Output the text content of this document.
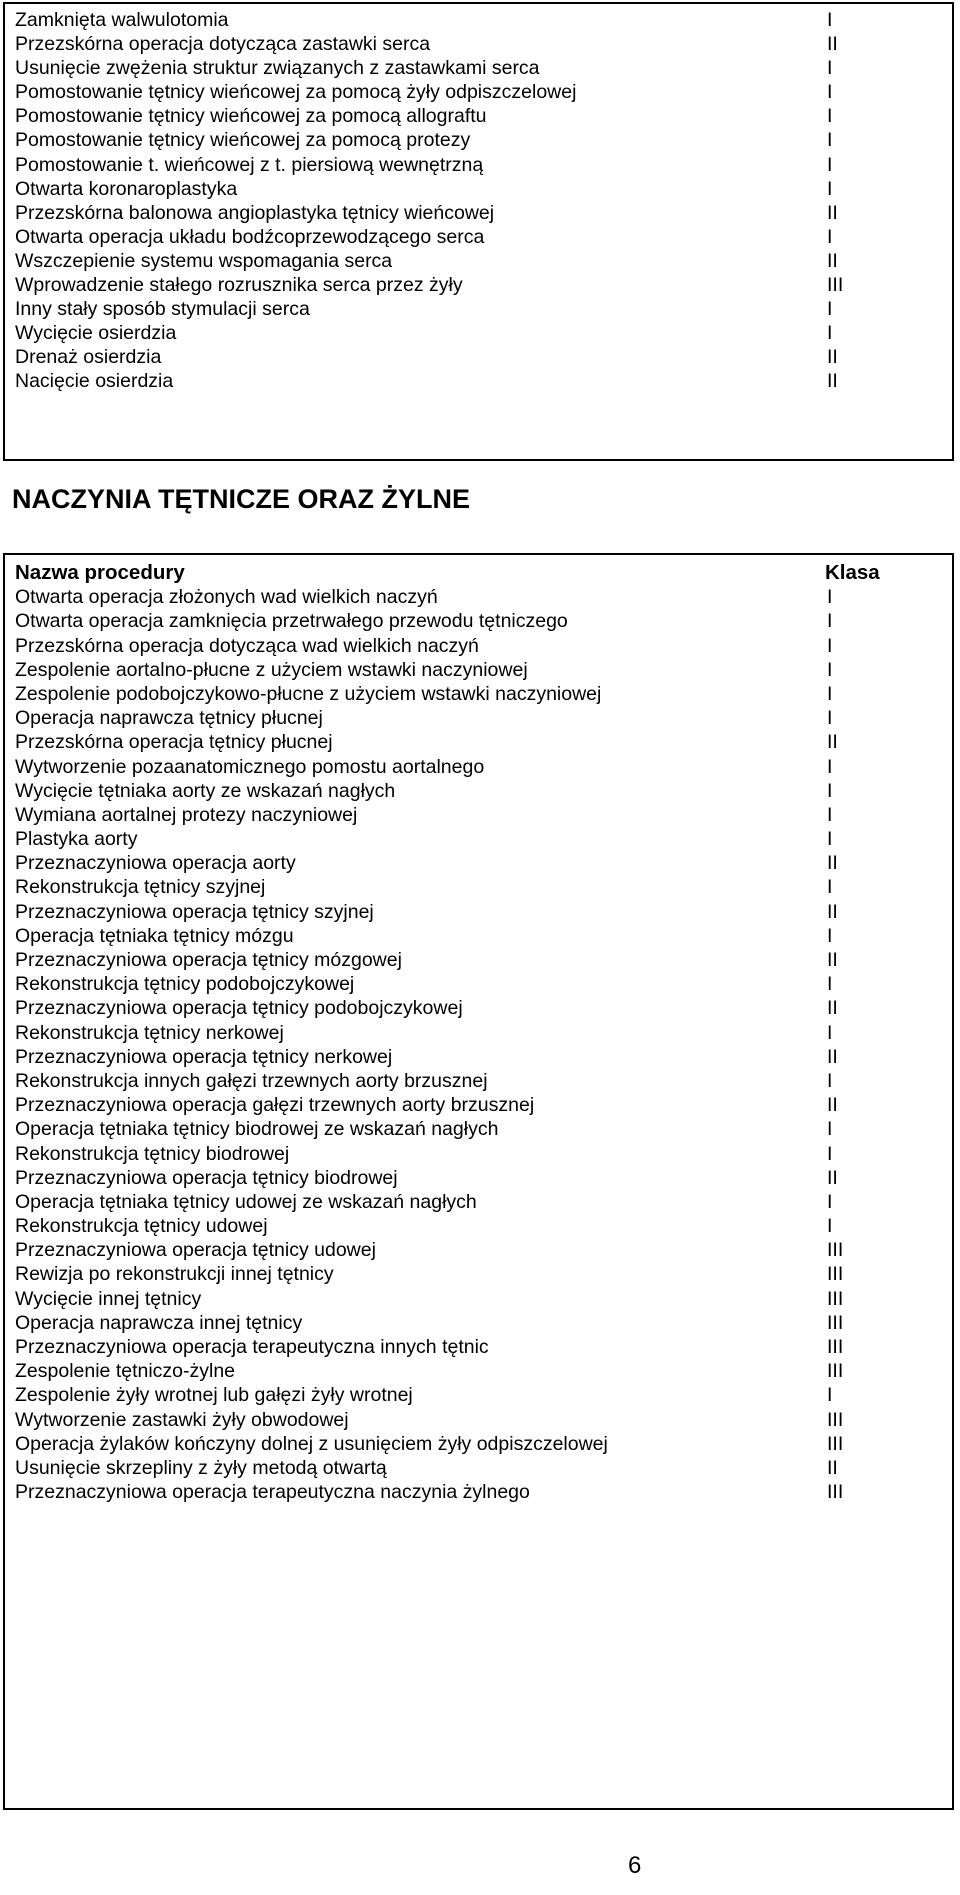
Zamknięta walwulotomia	I
Przezskórna operacja dotycząca zastawki serca	II
Usunięcie zwężenia struktur związanych z zastawkami serca	I
Pomostowanie tętnicy wieńcowej za pomocą żyły odpiszczelowej	I
Pomostowanie tętnicy wieńcowej za pomocą allograftu	I
Pomostowanie tętnicy wieńcowej za pomocą protezy	I
Pomostowanie t. wieńcowej z t. piersiową wewnętrzną	I
Otwarta koronaroplastyka	I
Przezskórna balonowa angioplastyka tętnicy wieńcowej	II
Otwarta operacja układu bodźcoprzewodzącego serca	I
Wszczepienie systemu wspomagania serca	II
Wprowadzenie stałego rozrusznika serca przez żyły	III
Inny stały sposób stymulacji serca	I
Wycięcie osierdzia	I
Drenaż osierdzia	II
Nacięcie osierdzia	II
NACZYNIA TĘTNICZE ORAZ ŻYLNE
Nazwa procedury	Klasa
Otwarta operacja złożonych wad wielkich naczyń	I
Otwarta operacja zamknięcia przetrwałego przewodu tętniczego	I
Przezskórna operacja dotycząca wad wielkich naczyń	I
Zespolenie aortalno-płucne z użyciem wstawki naczyniowej	I
Zespolenie podobojczykowo-płucne z użyciem wstawki naczyniowej	I
Operacja naprawcza tętnicy płucnej	I
Przezskórna operacja tętnicy płucnej	II
Wytworzenie pozaanatomicznego pomostu aortalnego	I
Wycięcie tętniaka aorty ze wskazań nagłych	I
Wymiana aortalnej protezy naczyniowej	I
Plastyka aorty	I
Przeznaczyniowa operacja aorty	II
Rekonstrukcja tętnicy szyjnej	I
Przeznaczyniowa operacja tętnicy szyjnej	II
Operacja tętniaka tętnicy mózgu	I
Przeznaczyniowa operacja tętnicy mózgowej	II
Rekonstrukcja tętnicy podobojczykowej	I
Przeznaczyniowa operacja tętnicy podobojczykowej	II
Rekonstrukcja tętnicy nerkowej	I
Przeznaczyniowa operacja tętnicy nerkowej	II
Rekonstrukcja innych gałęzi trzewnych aorty brzusznej	I
Przeznaczyniowa operacja gałęzi trzewnych aorty brzusznej	II
Operacja tętniaka tętnicy biodrowej ze wskazań nagłych	I
Rekonstrukcja tętnicy biodrowej	I
Przeznaczyniowa operacja tętnicy biodrowej	II
Operacja tętniaka tętnicy udowej ze wskazań nagłych	I
Rekonstrukcja tętnicy udowej	I
Przeznaczyniowa operacja tętnicy udowej	III
Rewizja po rekonstrukcji innej tętnicy	III
Wycięcie innej tętnicy	III
Operacja naprawcza innej tętnicy	III
Przeznaczyniowa operacja terapeutyczna innych tętnic	III
Zespolenie tętniczo-żylne	III
Zespolenie żyły wrotnej lub gałęzi żyły wrotnej	I
Wytworzenie zastawki żyły obwodowej	III
Operacja żylaków kończyny dolnej z usunięciem żyły odpiszczelowej	III
Usunięcie skrzepliny z żyły metodą otwartą	II
Przeznaczyniowa operacja terapeutyczna naczynia żylnego	III
6
